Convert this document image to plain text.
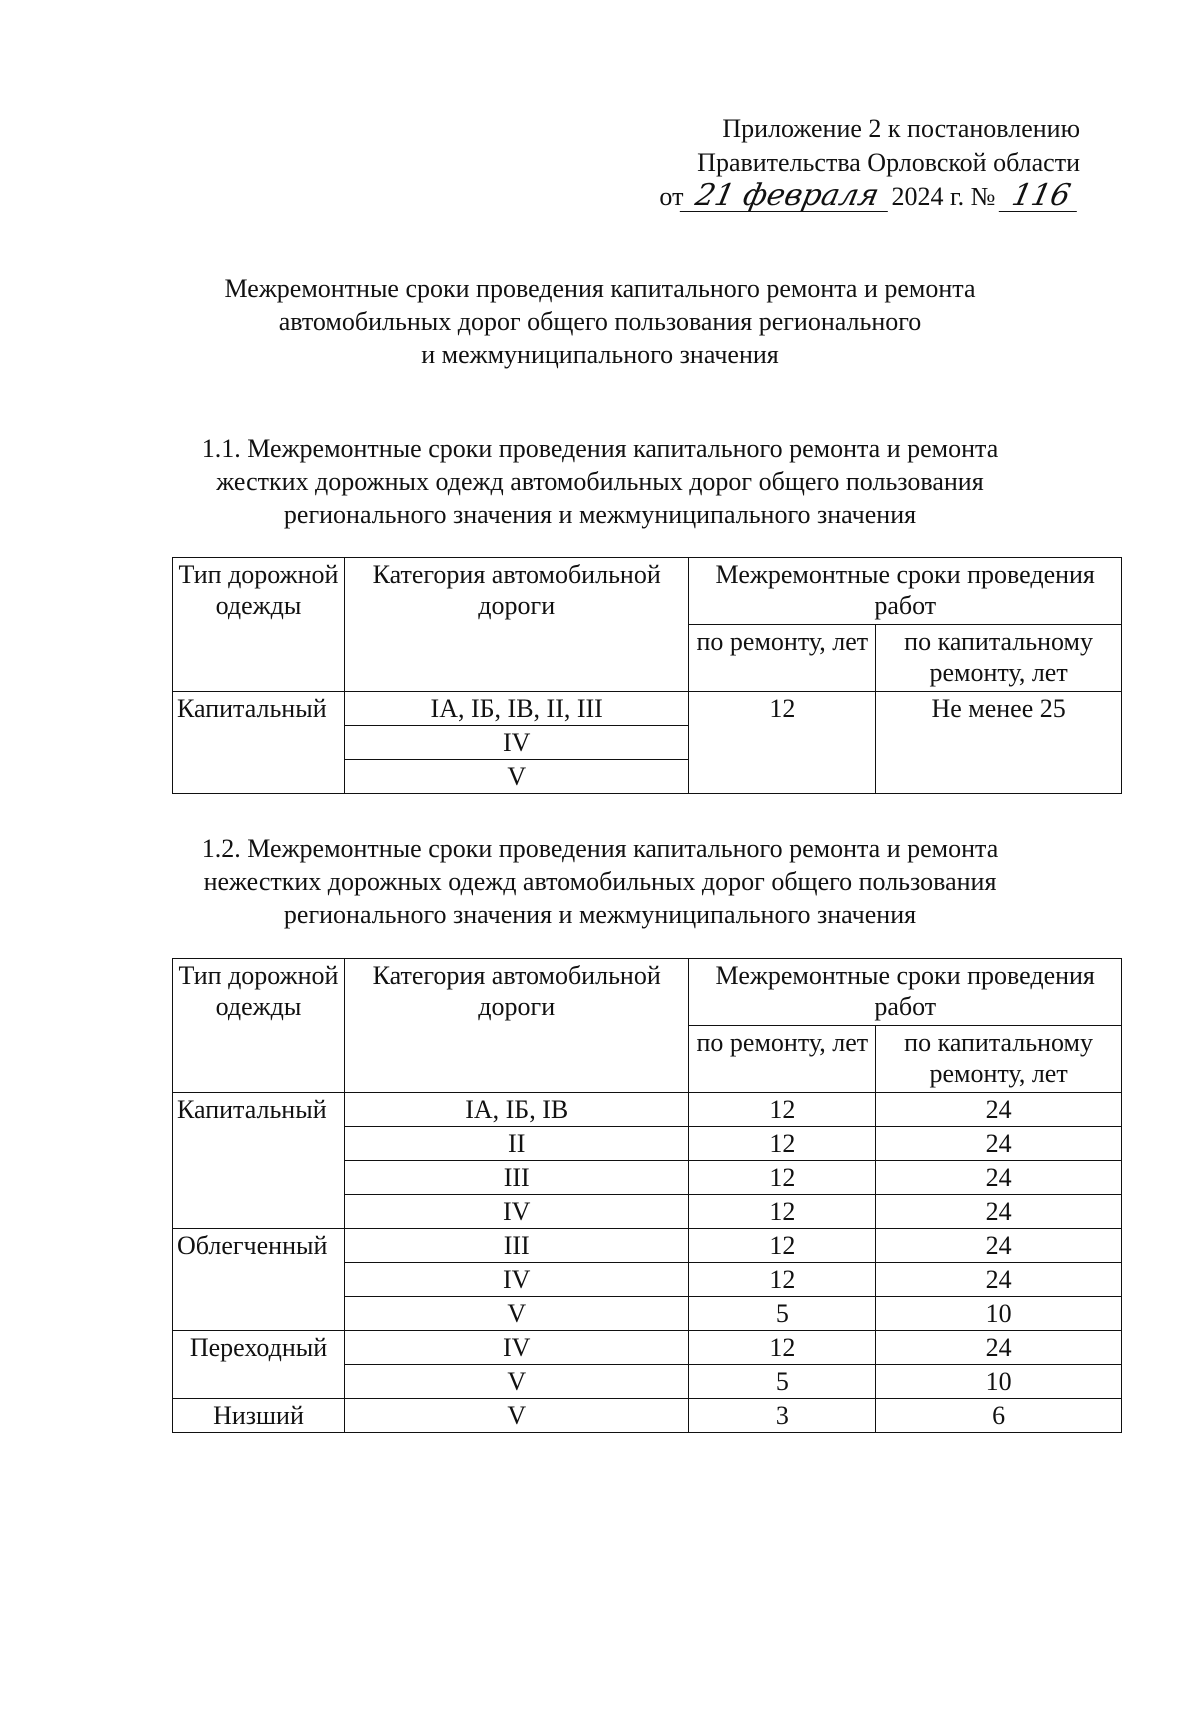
Приложение 2 к постановлению
Правительства Орловской области
от 21 февраля 2024 г. № 116
Межремонтные сроки проведения капитального ремонта и ремонта
автомобильных дорог общего пользования регионального
и межмуниципального значения
1.1. Межремонтные сроки проведения капитального ремонта и ремонта
жестких дорожных одежд автомобильных дорог общего пользования
регионального значения и межмуниципального значения
Тип дорожной одежды	Категория автомобильной дороги	Межремонтные сроки проведения работ	
		по ремонту, лет	по капитальному ремонту, лет
Капитальный	IA, IБ, IB, II, III	12	Не менее 25
	IV		
	V		
1.2. Межремонтные сроки проведения капитального ремонта и ремонта
нежестких дорожных одежд автомобильных дорог общего пользования
регионального значения и межмуниципального значения
Тип дорожной одежды	Категория автомобильной дороги	Межремонтные сроки проведения работ	
		по ремонту, лет	по капитальному ремонту, лет
Капитальный	IA, IБ, IB	12	24
	II	12	24
	III	12	24
	IV	12	24
Облегченный	III	12	24
	IV	12	24
	V	5	10
Переходный	IV	12	24
	V	5	10
Низший	V	3	6
